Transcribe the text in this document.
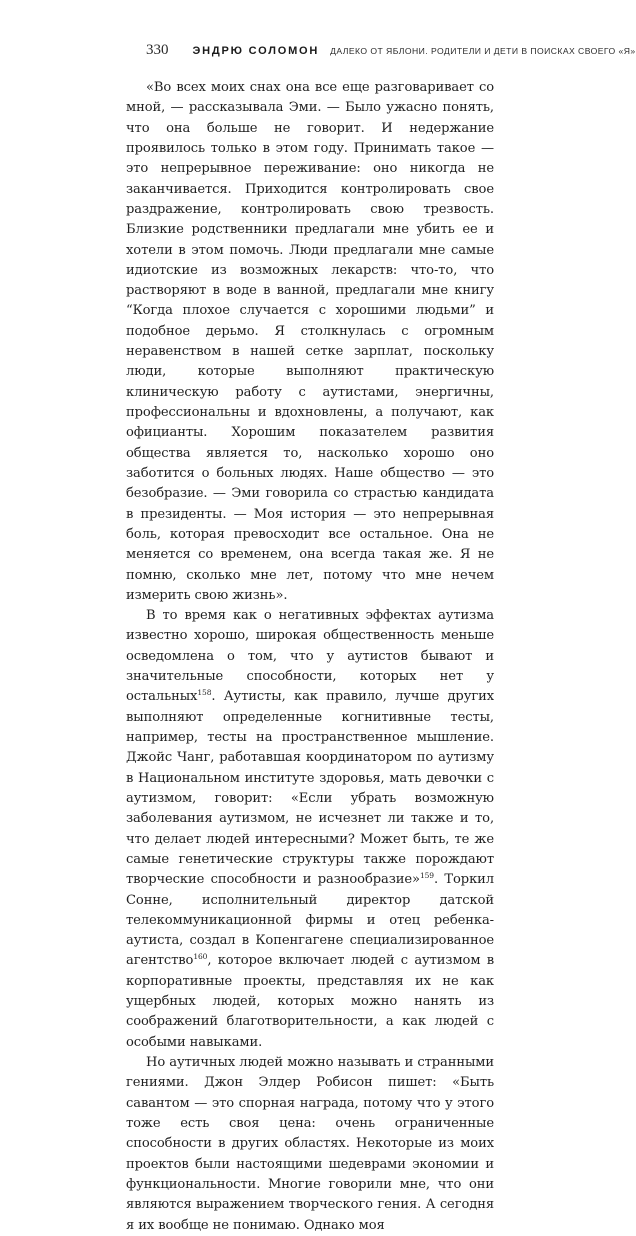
330 ЭНДРЮ СОЛОМОН ДАЛЕКО ОТ ЯБЛОНИ. РОДИТЕЛИ И ДЕТИ В ПОИСКАХ СВОЕГО «Я»

«Во всех моих снах она все еще разговаривает со мной, — рассказывала Эми. — Было ужасно понять, что она больше не говорит. И недержание проявилось только в этом году. Принимать такое — это непрерывное переживание: оно никогда не заканчивается. Приходится контролировать свое раздражение, контролировать свою трезвость. Близкие родственники предлагали мне убить ее и хотели в этом помочь. Люди предлагали мне самые идиотские из возможных лекарств: что-то, что растворяют в воде в ванной, предлагали мне книгу “Когда плохое случается с хорошими людьми” и подобное дерьмо. Я столкнулась с огромным неравенством в нашей сетке зарплат, поскольку люди, которые выполняют практическую клиническую работу с аутистами, энергичны, профессиональны и вдохновлены, а получают, как официанты. Хорошим показателем развития общества является то, насколько хорошо оно заботится о больных людях. Наше общество — это безобразие. — Эми говорила со страстью кандидата в президенты. — Моя история — это непрерывная боль, которая превосходит все остальное. Она не меняется со временем, она всегда такая же. Я не помню, сколько мне лет, потому что мне нечем измерить свою жизнь».

В то время как о негативных эффектах аутизма известно хорошо, широкая общественность меньше осведомлена о том, что у аутистов бывают и значительные способности, которых нет у остальных$^{158}$. Аутисты, как правило, лучше других выполняют определенные когнитивные тесты, например, тесты на пространственное мышление. Джойс Чанг, работавшая координатором по аутизму в Национальном институте здоровья, мать девочки с аутизмом, говорит: «Если убрать возможную заболевания аутизмом, не исчезнет ли также и то, что делает людей интересными? Может быть, те же самые генетические структуры также порождают творческие способности и разнообразие»$^{159}$. Торкил Сонне, исполнительный директор датской телекоммуникационной фирмы и отец ребенка-аутиста, создал в Копенгагене специализированное агентство$^{160}$, которое включает людей с аутизмом в корпоративные проекты, представляя их не как ущербных людей, которых можно нанять из соображений благотворительности, а как людей с особыми навыками.

Но аутичных людей можно называть и странными гениями. Джон Элдер Робисон пишет: «Быть савантом — это спорная награда, потому что у этого тоже есть своя цена: очень ограниченные способности в других областях. Некоторые из моих проектов были настоящими шедеврами экономии и функциональности. Многие говорили мне, что они являются выражением творческого гения. А сегодня я их вообще не понимаю. Однако моя
